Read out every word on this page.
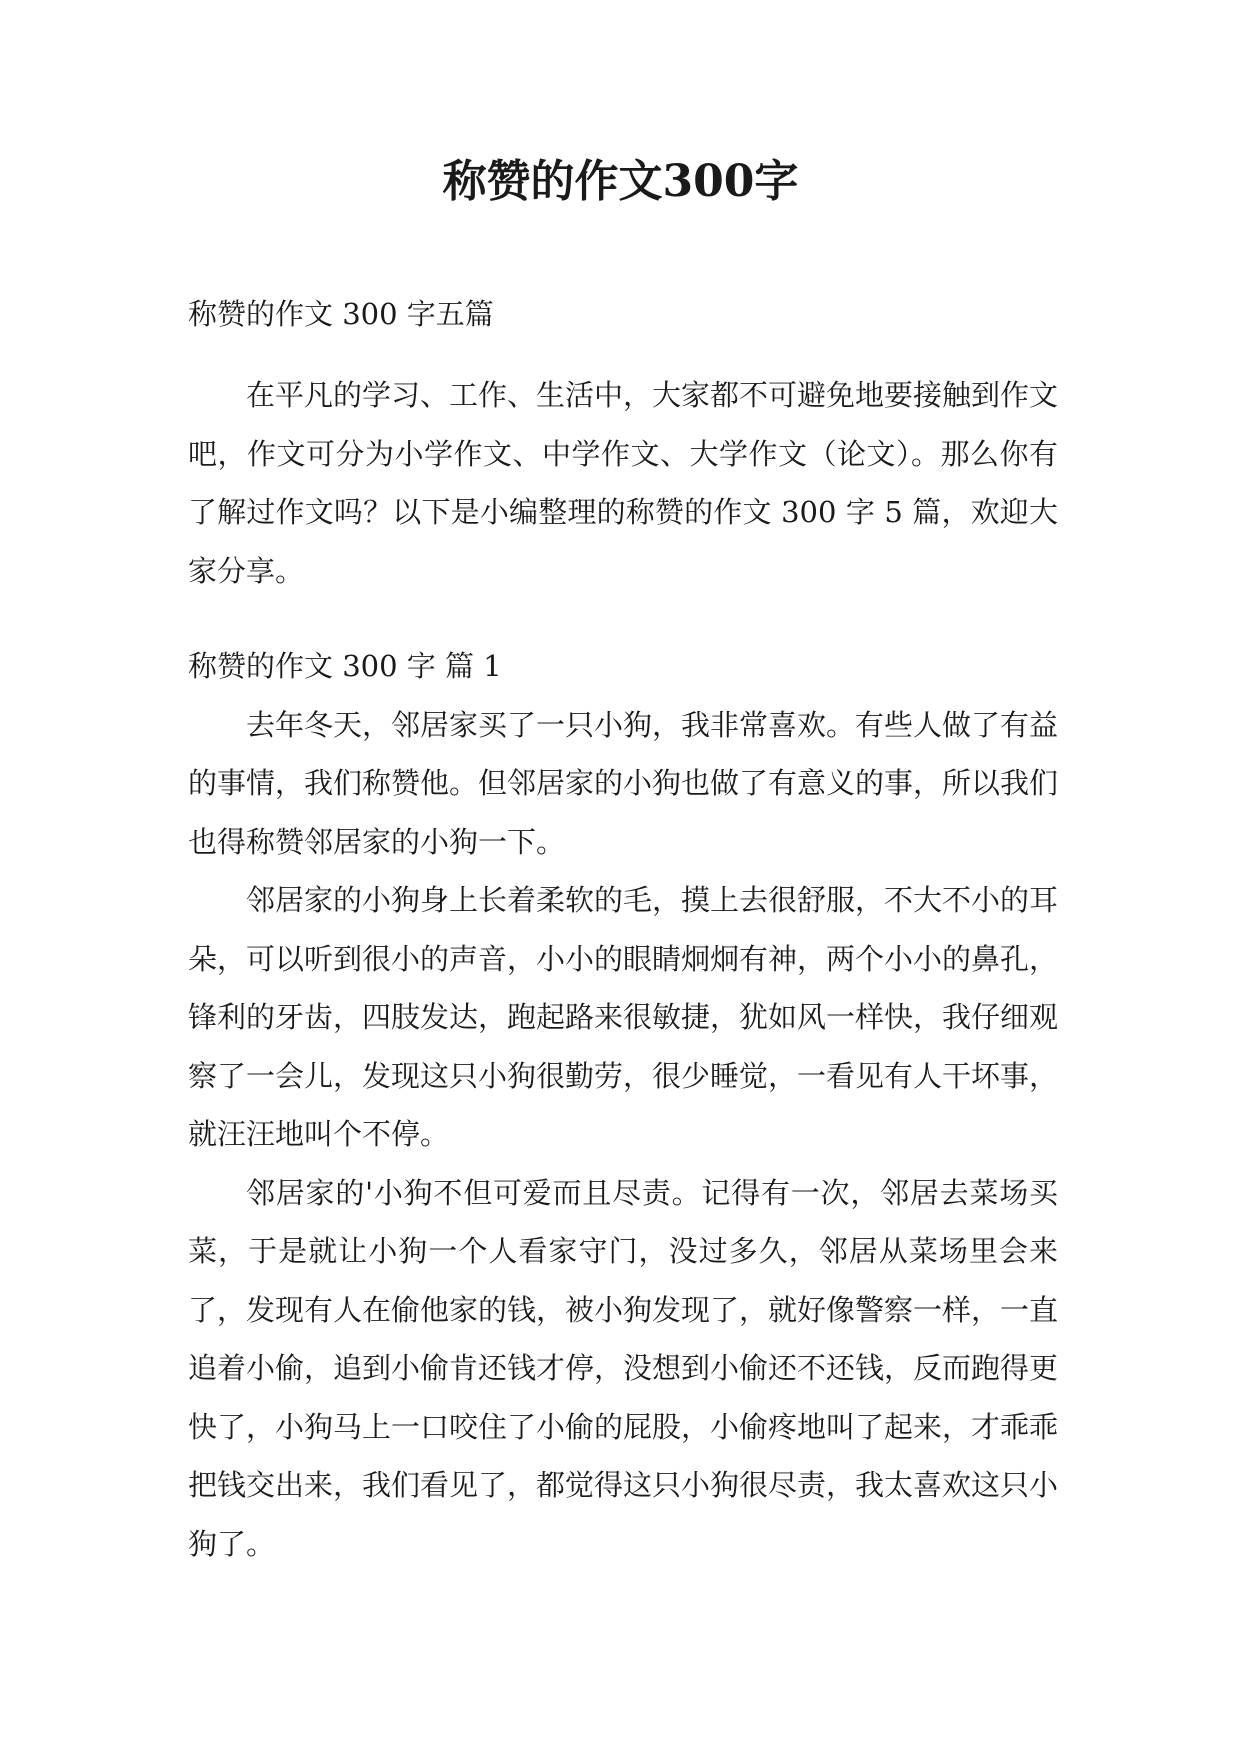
称赞的作文300字

称赞的作文 300 字五篇

在平凡的学习、工作、生活中，大家都不可避免地要接触到作文吧，作文可分为小学作文、中学作文、大学作文（论文）。那么你有了解过作文吗？以下是小编整理的称赞的作文 300 字 5 篇，欢迎大家分享。

称赞的作文 300 字 篇 1

去年冬天，邻居家买了一只小狗，我非常喜欢。有些人做了有益的事情，我们称赞他。但邻居家的小狗也做了有意义的事，所以我们也得称赞邻居家的小狗一下。

邻居家的小狗身上长着柔软的毛，摸上去很舒服，不大不小的耳朵，可以听到很小的声音，小小的眼睛炯炯有神，两个小小的鼻孔，锋利的牙齿，四肢发达，跑起路来很敏捷，犹如风一样快，我仔细观察了一会儿，发现这只小狗很勤劳，很少睡觉，一看见有人干坏事，就汪汪地叫个不停。

邻居家的'小狗不但可爱而且尽责。记得有一次，邻居去菜场买菜，于是就让小狗一个人看家守门，没过多久，邻居从菜场里会来了，发现有人在偷他家的钱，被小狗发现了，就好像警察一样，一直追着小偷，追到小偷肯还钱才停，没想到小偷还不还钱，反而跑得更快了，小狗马上一口咬住了小偷的屁股，小偷疼地叫了起来，才乖乖把钱交出来，我们看见了，都觉得这只小狗很尽责，我太喜欢这只小狗了。
